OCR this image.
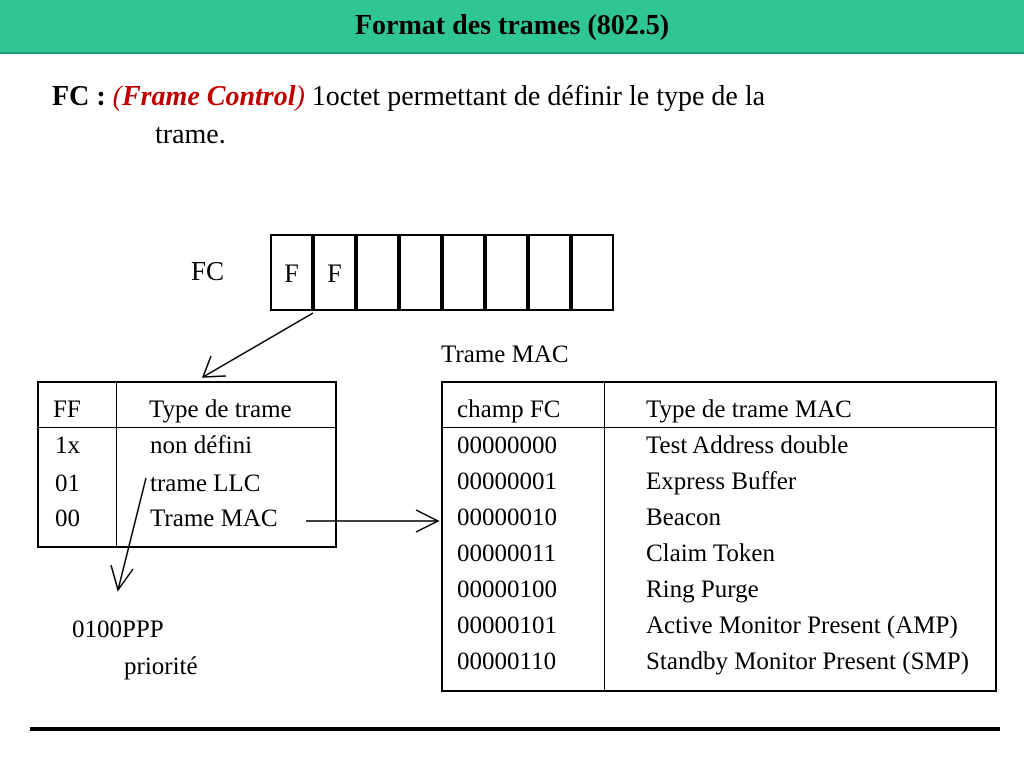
Format des trames (802.5)
FC : (Frame Control) 1octet permettant de définir le type de la
trame.
FC	F	F
FF	Type de trame
1x	non défini
01	trame LLC
00	Trame MAC
0100PPP
priorité
Trame MAC
champ FC	Type de trame MAC
00000000	Test Address double
00000001	Express Buffer
00000010	Beacon
00000011	Claim Token
00000100	Ring Purge
00000101	Active Monitor Present (AMP)
00000110	Standby Monitor Present (SMP)
